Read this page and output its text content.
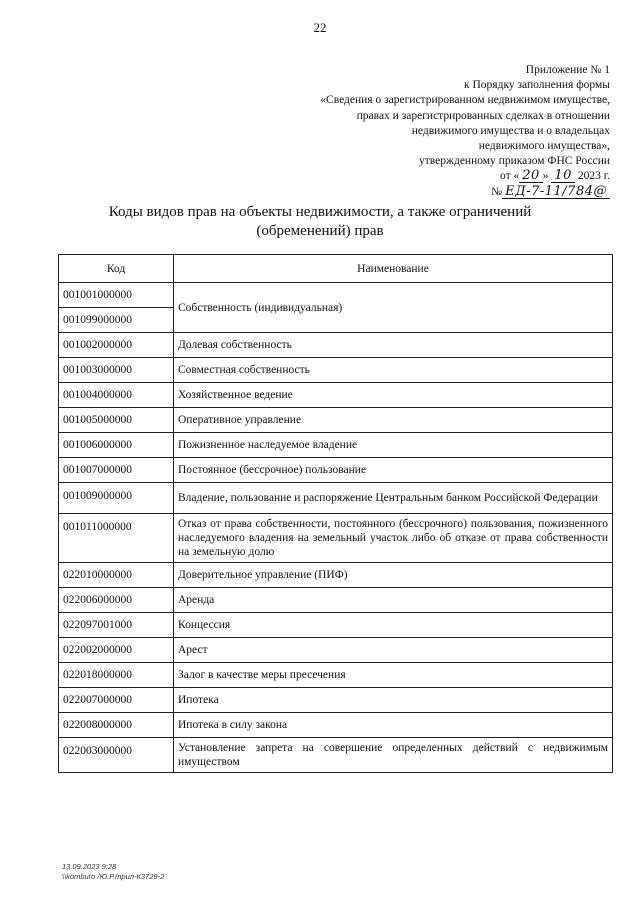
22
Приложение № 1
к Порядку заполнения формы
«Сведения о зарегистрированном недвижимом имуществе,
правах и зарегистрированных сделках в отношении
недвижимого имущества и о владельцах
недвижимого имущества»,
утвержденному приказом ФНС России
от « 20 » 10 2023 г.
№ ЕД-7-11/784@
Коды видов прав на объекты недвижимости, а также ограничений
(обременений) прав
Код	Наименование
001001000000	Собственность (индивидуальная)
001099000000	
001002000000	Долевая собственность
001003000000	Совместная собственность
001004000000	Хозяйственное ведение
001005000000	Оперативное управление
001006000000	Пожизненное наследуемое владение
001007000000	Постоянное (бессрочное) пользование
001009000000	Владение, пользование и распоряжение Центральным банком Российской Федерации
001011000000	Отказ от права собственности, постоянного (бессрочного) пользования, пожизненного наследуемого владения на земельный участок либо об отказе от права собственности на земельную долю
022010000000	Доверительное управление (ПИФ)
022006000000	Аренда
022097001000	Концессия
022002000000	Арест
022018000000	Залог в качестве меры пресечения
022007000000	Ипотека
022008000000	Ипотека в силу закона
022003000000	Установление запрета на совершение определенных действий с недвижимым имуществом
13.09.2023 9:28
\\komburo /Ю.Р./прил-К3729-2
